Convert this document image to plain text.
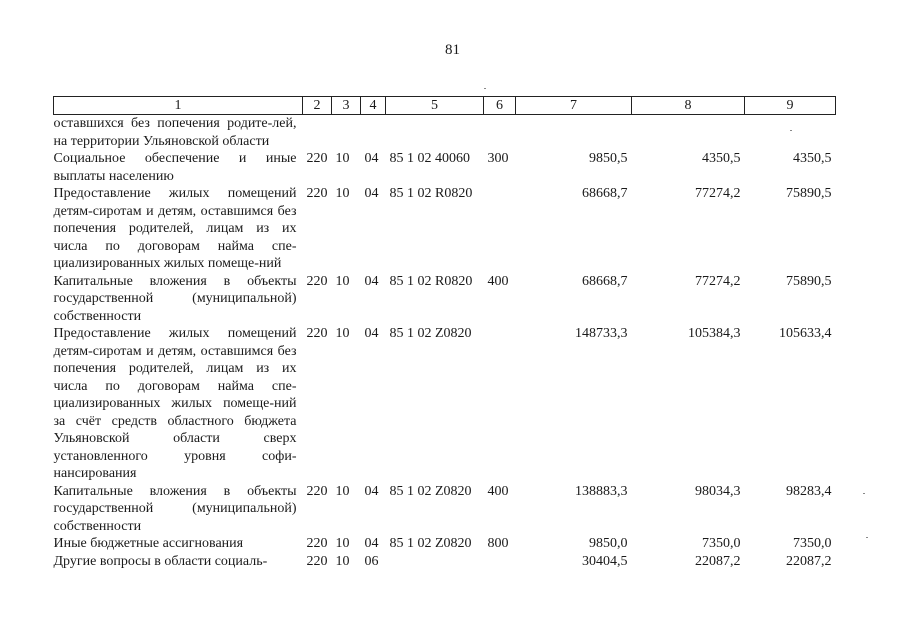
81
1	2	3	4	5	6	7	8	9
оставшихся без попечения родите-лей, на территории Ульяновской области								
Социальное обеспечение и иные выплаты населению	220	10	04	85 1 02 40060	300	9850,5	4350,5	4350,5
Предоставление жилых помещений детям-сиротам и детям, оставшимся без попечения родителей, лицам из их числа по договорам найма спе-циализированных жилых помеще-ний	220	10	04	85 1 02 R0820		68668,7	77274,2	75890,5
Капитальные вложения в объекты государственной (муниципальной) собственности	220	10	04	85 1 02 R0820	400	68668,7	77274,2	75890,5
Предоставление жилых помещений детям-сиротам и детям, оставшимся без попечения родителей, лицам из их числа по договорам найма спе-циализированных жилых помеще-ний за счёт средств областного бюджета Ульяновской области сверх установленного уровня софи-нансирования	220	10	04	85 1 02 Z0820		148733,3	105384,3	105633,4
Капитальные вложения в объекты государственной (муниципальной) собственности	220	10	04	85 1 02 Z0820	400	138883,3	98034,3	98283,4
Иные бюджетные ассигнования	220	10	04	85 1 02 Z0820	800	9850,0	7350,0	7350,0
Другие вопросы в области социаль-	220	10	06			30404,5	22087,2	22087,2
